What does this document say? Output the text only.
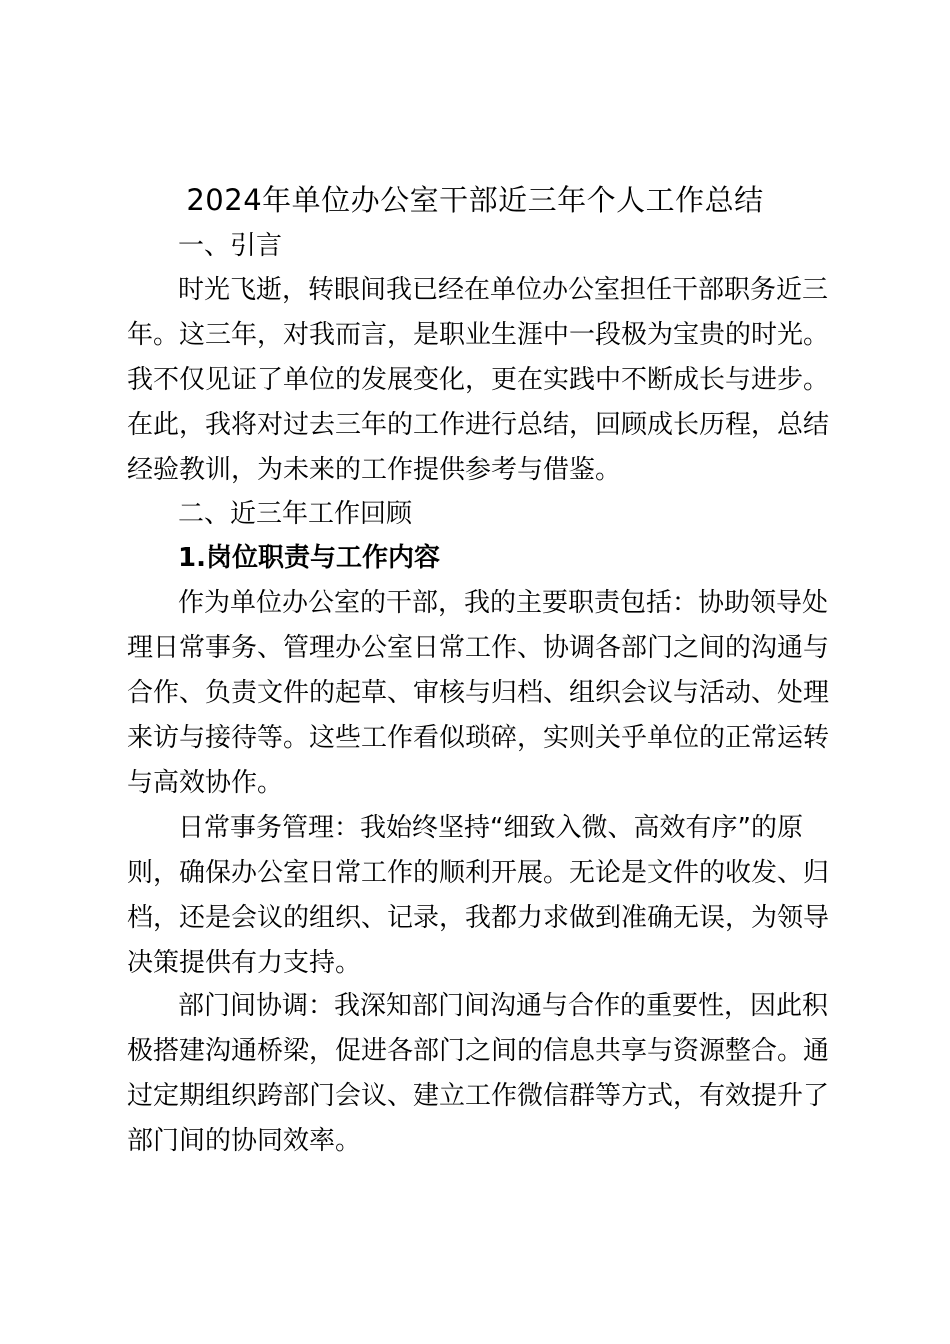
2024年单位办公室干部近三年个人工作总结
一、引言
时光飞逝，转眼间我已经在单位办公室担任干部职务近三
年。这三年，对我而言，是职业生涯中一段极为宝贵的时光。
我不仅见证了单位的发展变化，更在实践中不断成长与进步。
在此，我将对过去三年的工作进行总结，回顾成长历程，总结
经验教训，为未来的工作提供参考与借鉴。
二、近三年工作回顾
1.岗位职责与工作内容
作为单位办公室的干部，我的主要职责包括：协助领导处
理日常事务、管理办公室日常工作、协调各部门之间的沟通与
合作、负责文件的起草、审核与归档、组织会议与活动、处理
来访与接待等。这些工作看似琐碎，实则关乎单位的正常运转
与高效协作。
日常事务管理：我始终坚持“细致入微、高效有序”的原
则，确保办公室日常工作的顺利开展。无论是文件的收发、归
档，还是会议的组织、记录，我都力求做到准确无误，为领导
决策提供有力支持。
部门间协调：我深知部门间沟通与合作的重要性，因此积
极搭建沟通桥梁，促进各部门之间的信息共享与资源整合。通
过定期组织跨部门会议、建立工作微信群等方式，有效提升了
部门间的协同效率。
